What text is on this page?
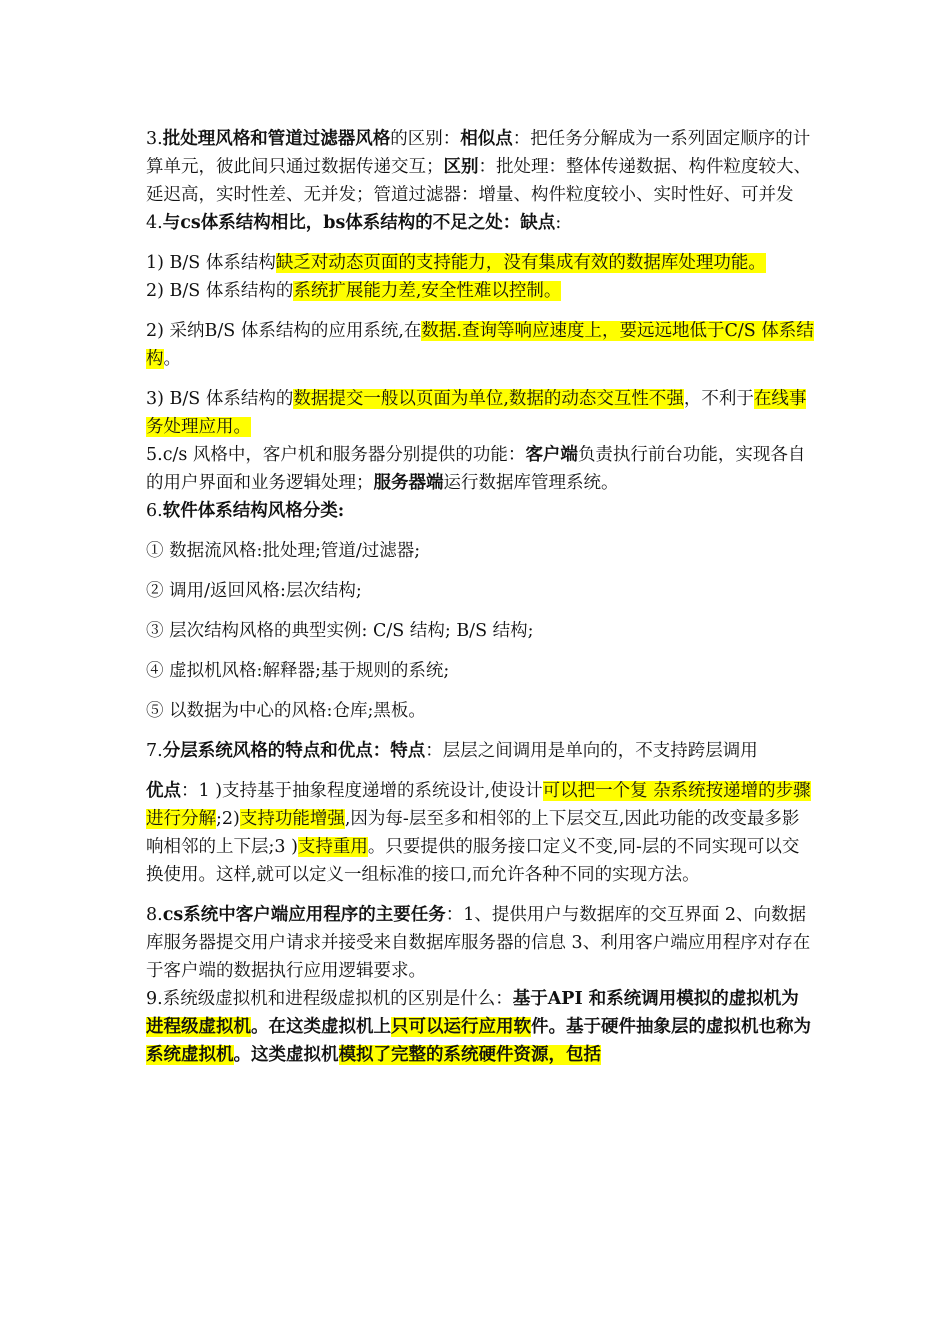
3.批处理风格和管道过滤器风格的区别：相似点：把任务分解成为一系列固定顺序的计算单元，彼此间只通过数据传递交互；区别：批处理：整体传递数据、构件粒度较大、延迟高，实时性差、无并发；管道过滤器：增量、构件粒度较小、实时性好、可并发

4.与cs体系结构相比，bs体系结构的不足之处：缺点:

1) B/S 体系结构缺乏对动态页面的支持能力，没有集成有效的数据库处理功能。

2) B/S 体系结构的系统扩展能力差,安全性难以控制。

2) 采纳B/S 体系结构的应用系统,在数据.查询等响应速度上，要远远地低于C/S 体系结构。

3) B/S 体系结构的数据提交一般以页面为单位,数据的动态交互性不强，不利于在线事务处理应用。

5.c/s 风格中，客户机和服务器分别提供的功能：客户端负责执行前台功能，实现各自的用户界面和业务逻辑处理；服务器端运行数据库管理系统。

6.软件体系结构风格分类:

① 数据流风格:批处理;管道/过滤器;

② 调用/返回风格:层次结构;

③ 层次结构风格的典型实例: C/S 结构; B/S 结构;

④ 虚拟机风格:解释器;基于规则的系统;

⑤ 以数据为中心的风格:仓库;黑板。

7.分层系统风格的特点和优点：特点：层层之间调用是单向的，不支持跨层调用

优点：1 )支持基于抽象程度递增的系统设计,使设计可以把一个复 杂系统按递增的步骤进行分解;2)支持功能增强,因为每-层至多和相邻的上下层交互,因此功能的改变最多影响相邻的上下层;3 )支持重用。只要提供的服务接口定义不变,同-层的不同实现可以交换使用。这样,就可以定义一组标准的接口,而允许各种不同的实现方法。

8.cs系统中客户端应用程序的主要任务：1、提供用户与数据库的交互界面 2、向数据库服务器提交用户请求并接受来自数据库服务器的信息 3、利用客户端应用程序对存在于客户端的数据执行应用逻辑要求。

9.系统级虚拟机和进程级虚拟机的区别是什么：基于API 和系统调用模拟的虚拟机为进程级虚拟机。在这类虚拟机上只可以运行应用软件。基于硬件抽象层的虚拟机也称为系统虚拟机。这类虚拟机模拟了完整的系统硬件资源，包括
